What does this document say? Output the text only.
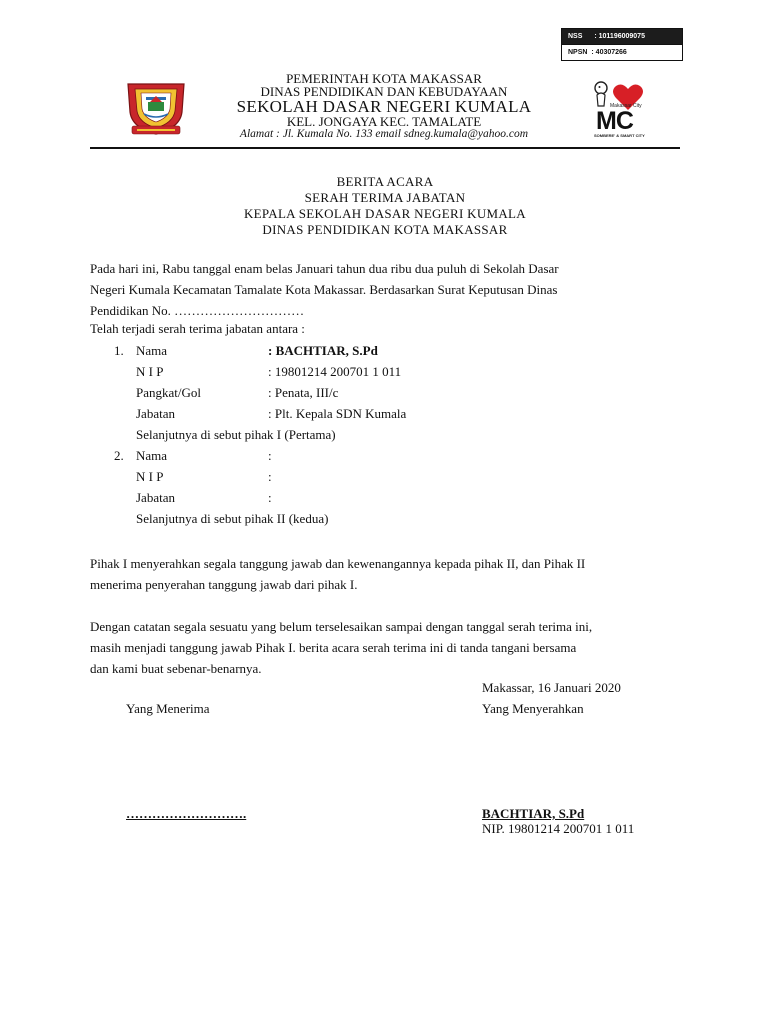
NSS : 101196009075
NPSN : 40307266
PEMERINTAH KOTA MAKASSAR
DINAS PENDIDIKAN DAN KEBUDAYAAN
SEKOLAH DASAR NEGERI KUMALA
KEL. JONGAYA KEC. TAMALATE
Alamat : Jl. Kumala No. 133 email sdneg.kumala@yahoo.com
Makassar City
MC
SOMBERE' & SMART CITY
BERITA ACARA
SERAH TERIMA JABATAN
KEPALA SEKOLAH DASAR NEGERI KUMALA
DINAS PENDIDIKAN KOTA MAKASSAR
Pada hari ini, Rabu tanggal enam belas Januari tahun dua ribu dua puluh di Sekolah Dasar
Negeri Kumala Kecamatan Tamalate Kota Makassar. Berdasarkan Surat Keputusan Dinas
Pendidikan No. …………………………
Telah terjadi serah terima jabatan antara :
1. Nama	: BACHTIAR, S.Pd
N I P	: 19801214 200701 1 011
Pangkat/Gol	: Penata, III/c
Jabatan	: Plt. Kepala SDN Kumala
Selanjutnya di sebut pihak I (Pertama)
2. Nama	:
N I P	:
Jabatan	:
Selanjutnya di sebut pihak II (kedua)
Pihak I menyerahkan segala tanggung jawab dan kewenangannya kepada pihak II, dan Pihak II
menerima penyerahan tanggung jawab dari pihak I.
Dengan catatan segala sesuatu yang belum terselesaikan sampai dengan tanggal serah terima ini,
masih menjadi tanggung jawab Pihak I. berita acara serah terima ini di tanda tangani bersama
dan kami buat sebenar-benarnya.
Makassar, 16 Januari 2020
Yang Menerima	Yang Menyerahkan
……………………….	BACHTIAR, S.Pd
NIP. 19801214 200701 1 011
